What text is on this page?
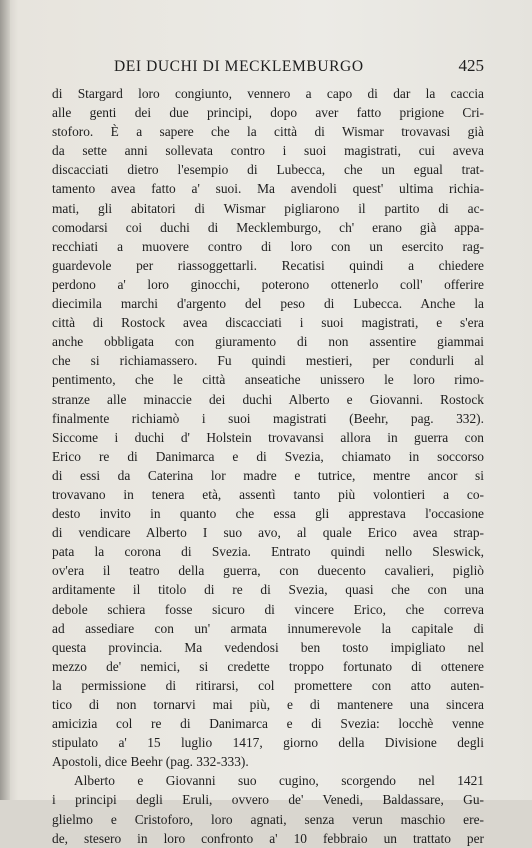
DEI DUCHI DI MECKLEMBURGO	425
di Stargard loro congiunto, vennero a capo di dar la caccia
alle genti dei due principi, dopo aver fatto prigione Cri-
stoforo. È a sapere che la città di Wismar trovavasi già
da sette anni sollevata contro i suoi magistrati, cui aveva
discacciati dietro l'esempio di Lubecca, che un egual trat-
tamento avea fatto a' suoi. Ma avendoli quest' ultima richia-
mati, gli abitatori di Wismar pigliarono il partito di ac-
comodarsi coi duchi di Mecklemburgo, ch' erano già appa-
recchiati a muovere contro di loro con un esercito rag-
guardevole per riassoggettarli. Recatisi quindi a chiedere
perdono a' loro ginocchi, poterono ottenerlo coll' offerire
diecimila marchi d'argento del peso di Lubecca. Anche la
città di Rostock avea discacciati i suoi magistrati, e s'era
anche obbligata con giuramento di non assentire giammai
che si richiamassero. Fu quindi mestieri, per condurli al
pentimento, che le città anseatiche unissero le loro rimo-
stranze alle minaccie dei duchi Alberto e Giovanni. Rostock
finalmente richiamò i suoi magistrati (Beehr, pag. 332).
Siccome i duchi d' Holstein trovavansi allora in guerra con
Erico re di Danimarca e di Svezia, chiamato in soccorso
di essi da Caterina lor madre e tutrice, mentre ancor si
trovavano in tenera età, assentì tanto più volontieri a co-
desto invito in quanto che essa gli apprestava l'occasione
di vendicare Alberto I suo avo, al quale Erico avea strap-
pata la corona di Svezia. Entrato quindi nello Sleswick,
ov'era il teatro della guerra, con duecento cavalieri, pigliò
arditamente il titolo di re di Svezia, quasi che con una
debole schiera fosse sicuro di vincere Erico, che correva
ad assediare con un' armata innumerevole la capitale di
questa provincia. Ma vedendosi ben tosto impigliato nel
mezzo de' nemici, si credette troppo fortunato di ottenere
la permissione di ritirarsi, col promettere con atto auten-
tico di non tornarvi mai più, e di mantenere una sincera
amicizia col re di Danimarca e di Svezia: locchè venne
stipulato a' 15 luglio 1417, giorno della Divisione degli
Apostoli, dice Beehr (pag. 332-333).
Alberto e Giovanni suo cugino, scorgendo nel 1421
i principi degli Eruli, ovvero de' Venedi, Baldassare, Gu-
glielmo e Cristoforo, loro agnati, senza verun maschio ere-
de, stesero in loro confronto a' 10 febbraio un trattato per
